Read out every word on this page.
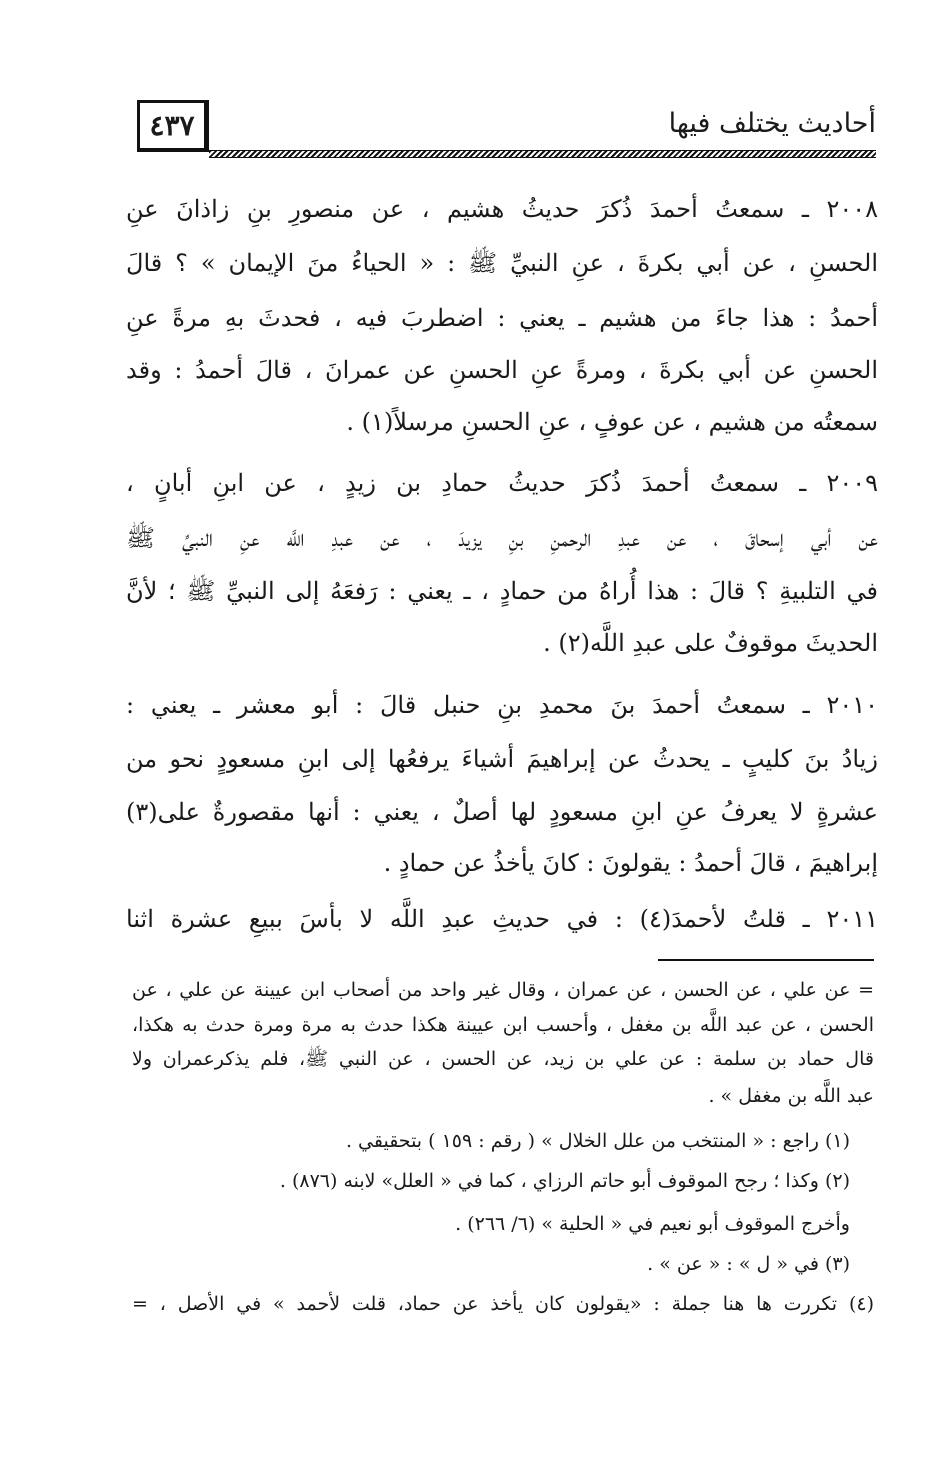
٤٣٧	أحاديث يختلف فيها
٢٠٠٨ ـ سمعتُ أحمدَ ذُكرَ حديثُ هشيم ، عن منصورِ بنِ زاذانَ عنِ
الحسنِ ، عن أبي بكرةَ ، عنِ النبيِّ ﷺ : « الحياءُ منَ الإيمان » ؟ قالَ
أحمدُ : هذا جاءَ من هشيم ـ يعني : اضطربَ فيه ، فحدثَ بهِ مرةً عنِ
الحسنِ عن أبي بكرةَ ، ومرةً عنِ الحسنِ عن عمرانَ ، قالَ أحمدُ : وقد
سمعتُه من هشيم ، عن عوفٍ ، عنِ الحسنِ مرسلاً(١) .
٢٠٠٩ ـ سمعتُ أحمدَ ذُكرَ حديثُ حمادِ بن زيدٍ ، عن ابنِ أبانٍ ،
عن أبي إسحاقَ ، عن عبدِ الرحمنِ بنِ يزيدَ ، عن عبدِ اللَّه عنِ النبيِّ ﷺ
في التلبيةِ ؟ قالَ : هذا أُراهُ من حمادٍ ، ـ يعني : رَفعَهُ إلى النبيِّ ﷺ ؛ لأنَّ
الحديثَ موقوفٌ على عبدِ اللَّه(٢) .
٢٠١٠ ـ سمعتُ أحمدَ بنَ محمدِ بنِ حنبل قالَ : أبو معشر ـ يعني :
زيادُ بنَ كليبٍ ـ يحدثُ عن إبراهيمَ أشياءَ يرفعُها إلى ابنِ مسعودٍ نحو من
عشرةٍ لا يعرفُ عنِ ابنِ مسعودٍ لها أصلٌ ، يعني : أنها مقصورةٌ على(٣)
إبراهيمَ ، قالَ أحمدُ : يقولونَ : كانَ يأخذُ عن حمادٍ .
٢٠١١ ـ قلتُ لأحمدَ(٤) : في حديثِ عبدِ اللَّه لا بأسَ ببيعِ عشرة اثنا
= عن علي ، عن الحسن ، عن عمران ، وقال غير واحد من أصحاب ابن عيينة عن علي ، عن
الحسن ، عن عبد اللَّه بن مغفل ، وأحسب ابن عيينة هكذا حدث به مرة ومرة حدث به هكذا،
قال حماد بن سلمة : عن علي بن زيد، عن الحسن ، عن النبي ﷺ، فلم يذكرعمران ولا
عبد اللَّه بن مغفل » .
(١) راجع : « المنتخب من علل الخلال » ( رقم : ١٥٩ ) بتحقيقي .
(٢) وكذا ؛ رجح الموقوف أبو حاتم الرزاي ، كما في « العلل» لابنه (٨٧٦) .
وأخرج الموقوف أبو نعيم في « الحلية » (٦/ ٢٦٦) .
(٣) في « ل » : « عن » .
(٤) تكررت ها هنا جملة : «يقولون كان يأخذ عن حماد، قلت لأحمد » في الأصل ، =
